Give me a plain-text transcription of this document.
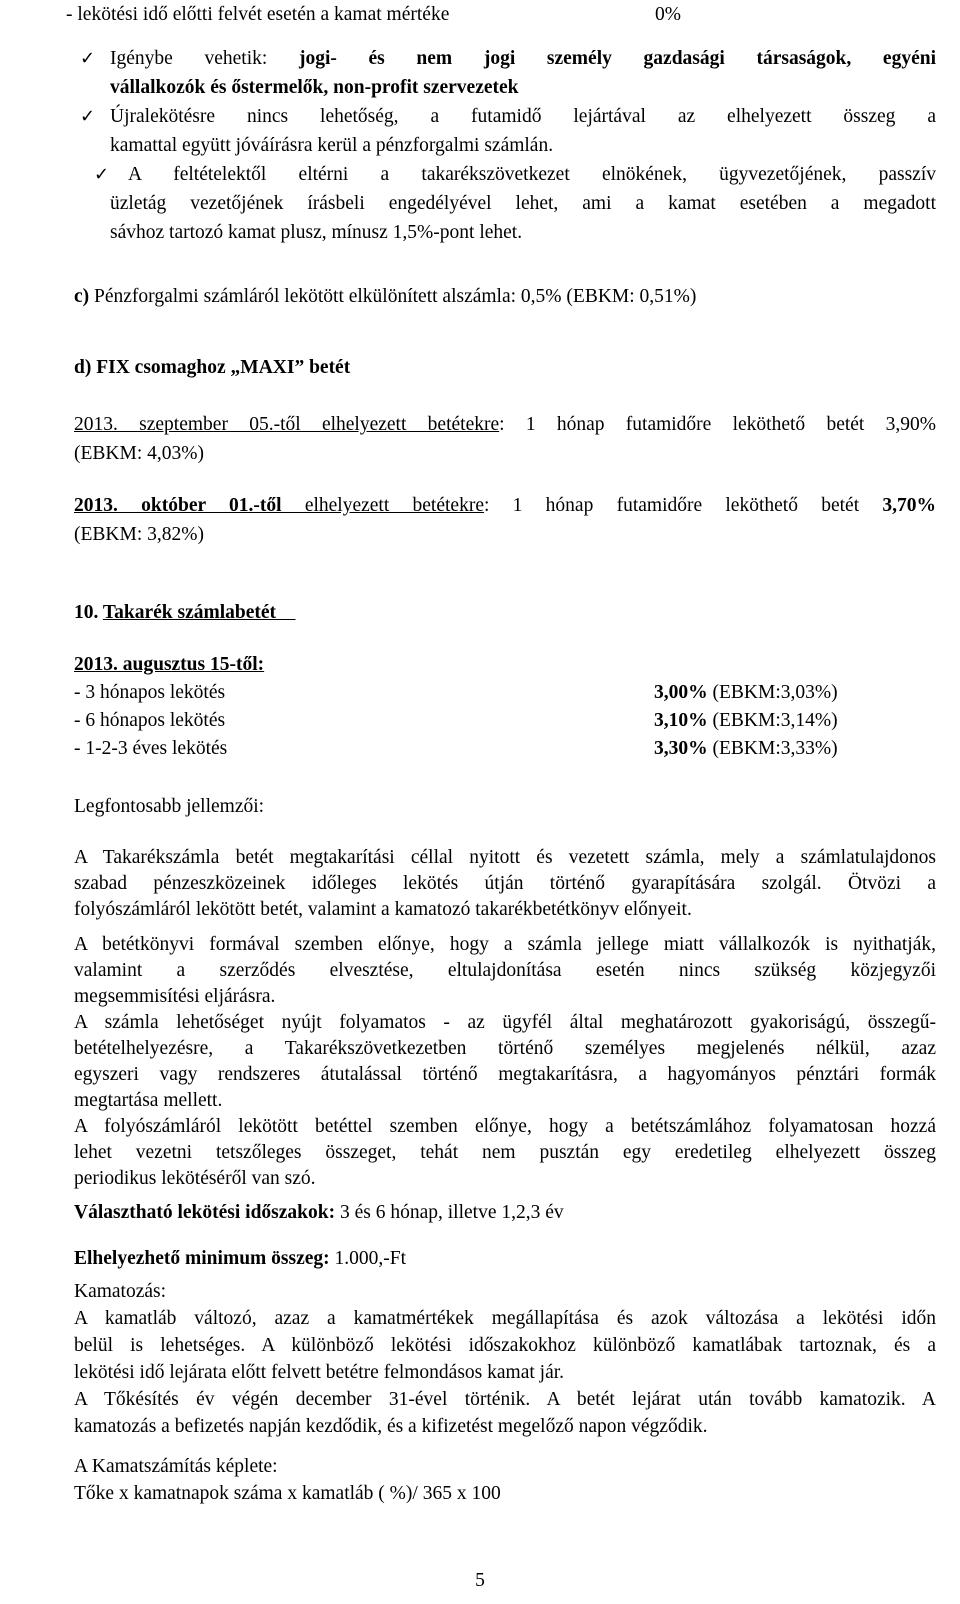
- lekötési idő előtti felvét esetén a kamat mértéke	0%
✓ Igénybe vehetik: jogi- és nem jogi személy gazdasági társaságok, egyéni
vállalkozók és őstermelők, non-profit szervezetek
✓ Újralekötésre nincs lehetőség, a futamidő lejártával az elhelyezett összeg a
kamattal együtt jóváírásra kerül a pénzforgalmi számlán.
✓ A feltételektől eltérni a takarékszövetkezet elnökének, ügyvezetőjének, passzív
üzletág vezetőjének írásbeli engedélyével lehet, ami a kamat esetében a megadott
sávhoz tartozó kamat plusz, mínusz 1,5%-pont lehet.
c) Pénzforgalmi számláról lekötött elkülönített alszámla: 0,5% (EBKM: 0,51%)
d) FIX csomaghoz „MAXI” betét
2013. szeptember 05.-től elhelyezett betétekre: 1 hónap futamidőre leköthető betét 3,90%
(EBKM: 4,03%)
2013. október 01.-től elhelyezett betétekre: 1 hónap futamidőre leköthető betét 3,70%
(EBKM: 3,82%)
10. Takarék számlabetét
2013. augusztus 15-től:
- 3 hónapos lekötés	3,00% (EBKM:3,03%)
- 6 hónapos lekötés	3,10% (EBKM:3,14%)
- 1-2-3 éves lekötés	3,30% (EBKM:3,33%)
Legfontosabb jellemzői:
A Takarékszámla betét megtakarítási céllal nyitott és vezetett számla, mely a számlatulajdonos
szabad pénzeszközeinek időleges lekötés útján történő gyarapítására szolgál. Ötvözi a
folyószámláról lekötött betét, valamint a kamatozó takarékbetétkönyv előnyeit.
A betétkönyvi formával szemben előnye, hogy a számla jellege miatt vállalkozók is nyithatják,
valamint a szerződés elvesztése, eltulajdonítása esetén nincs szükség közjegyzői
megsemmisítési eljárásra.
A számla lehetőséget nyújt folyamatos - az ügyfél által meghatározott gyakoriságú, összegű-
betételhelyezésre, a Takarékszövetkezetben történő személyes megjelenés nélkül, azaz
egyszeri vagy rendszeres átutalással történő megtakarításra, a hagyományos pénztári formák
megtartása mellett.
A folyószámláról lekötött betéttel szemben előnye, hogy a betétszámlához folyamatosan hozzá
lehet vezetni tetszőleges összeget, tehát nem pusztán egy eredetileg elhelyezett összeg
periodikus lekötéséről van szó.
Választható lekötési időszakok: 3 és 6 hónap, illetve 1,2,3 év
Elhelyezhető minimum összeg: 1.000,-Ft
Kamatozás:
A kamatláb változó, azaz a kamatmértékek megállapítása és azok változása a lekötési időn
belül is lehetséges. A különböző lekötési időszakokhoz különböző kamatlábak tartoznak, és a
lekötési idő lejárata előtt felvett betétre felmondásos kamat jár.
A Tőkésítés év végén december 31-ével történik. A betét lejárat után tovább kamatozik. A
kamatozás a befizetés napján kezdődik, és a kifizetést megelőző napon végződik.
A Kamatszámítás képlete:
Tőke x kamatnapok száma x kamatláb ( %)/ 365 x 100
5
